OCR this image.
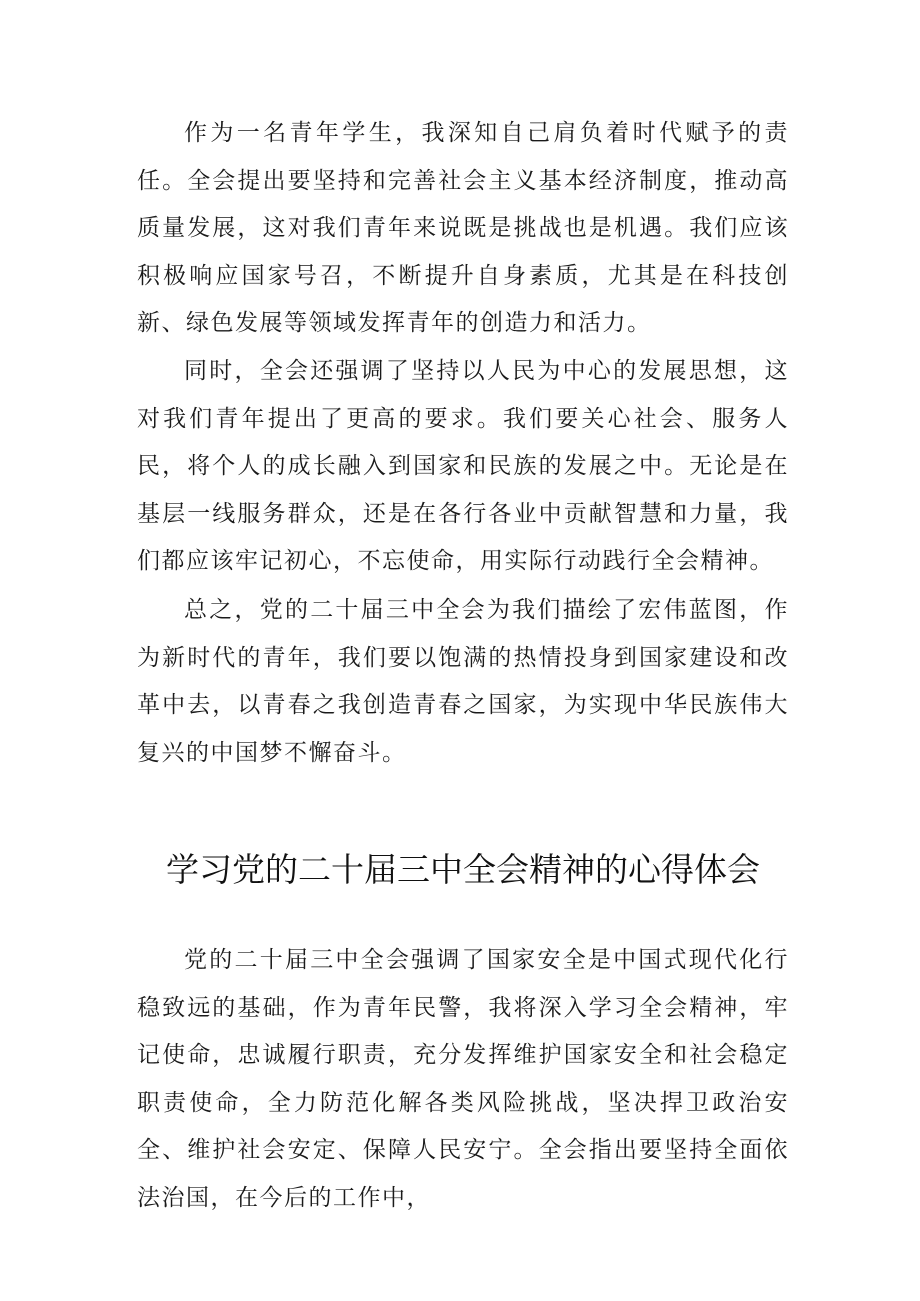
作为一名青年学生，我深知自己肩负着时代赋予的责任。全会提出要坚持和完善社会主义基本经济制度，推动高质量发展，这对我们青年来说既是挑战也是机遇。我们应该积极响应国家号召，不断提升自身素质，尤其是在科技创新、绿色发展等领域发挥青年的创造力和活力。

同时，全会还强调了坚持以人民为中心的发展思想，这对我们青年提出了更高的要求。我们要关心社会、服务人民，将个人的成长融入到国家和民族的发展之中。无论是在基层一线服务群众，还是在各行各业中贡献智慧和力量，我们都应该牢记初心，不忘使命，用实际行动践行全会精神。

总之，党的二十届三中全会为我们描绘了宏伟蓝图，作为新时代的青年，我们要以饱满的热情投身到国家建设和改革中去，以青春之我创造青春之国家，为实现中华民族伟大复兴的中国梦不懈奋斗。

学习党的二十届三中全会精神的心得体会

党的二十届三中全会强调了国家安全是中国式现代化行稳致远的基础，作为青年民警，我将深入学习全会精神，牢记使命，忠诚履行职责，充分发挥维护国家安全和社会稳定职责使命，全力防范化解各类风险挑战，坚决捍卫政治安全、维护社会安定、保障人民安宁。全会指出要坚持全面依法治国，在今后的工作中，
